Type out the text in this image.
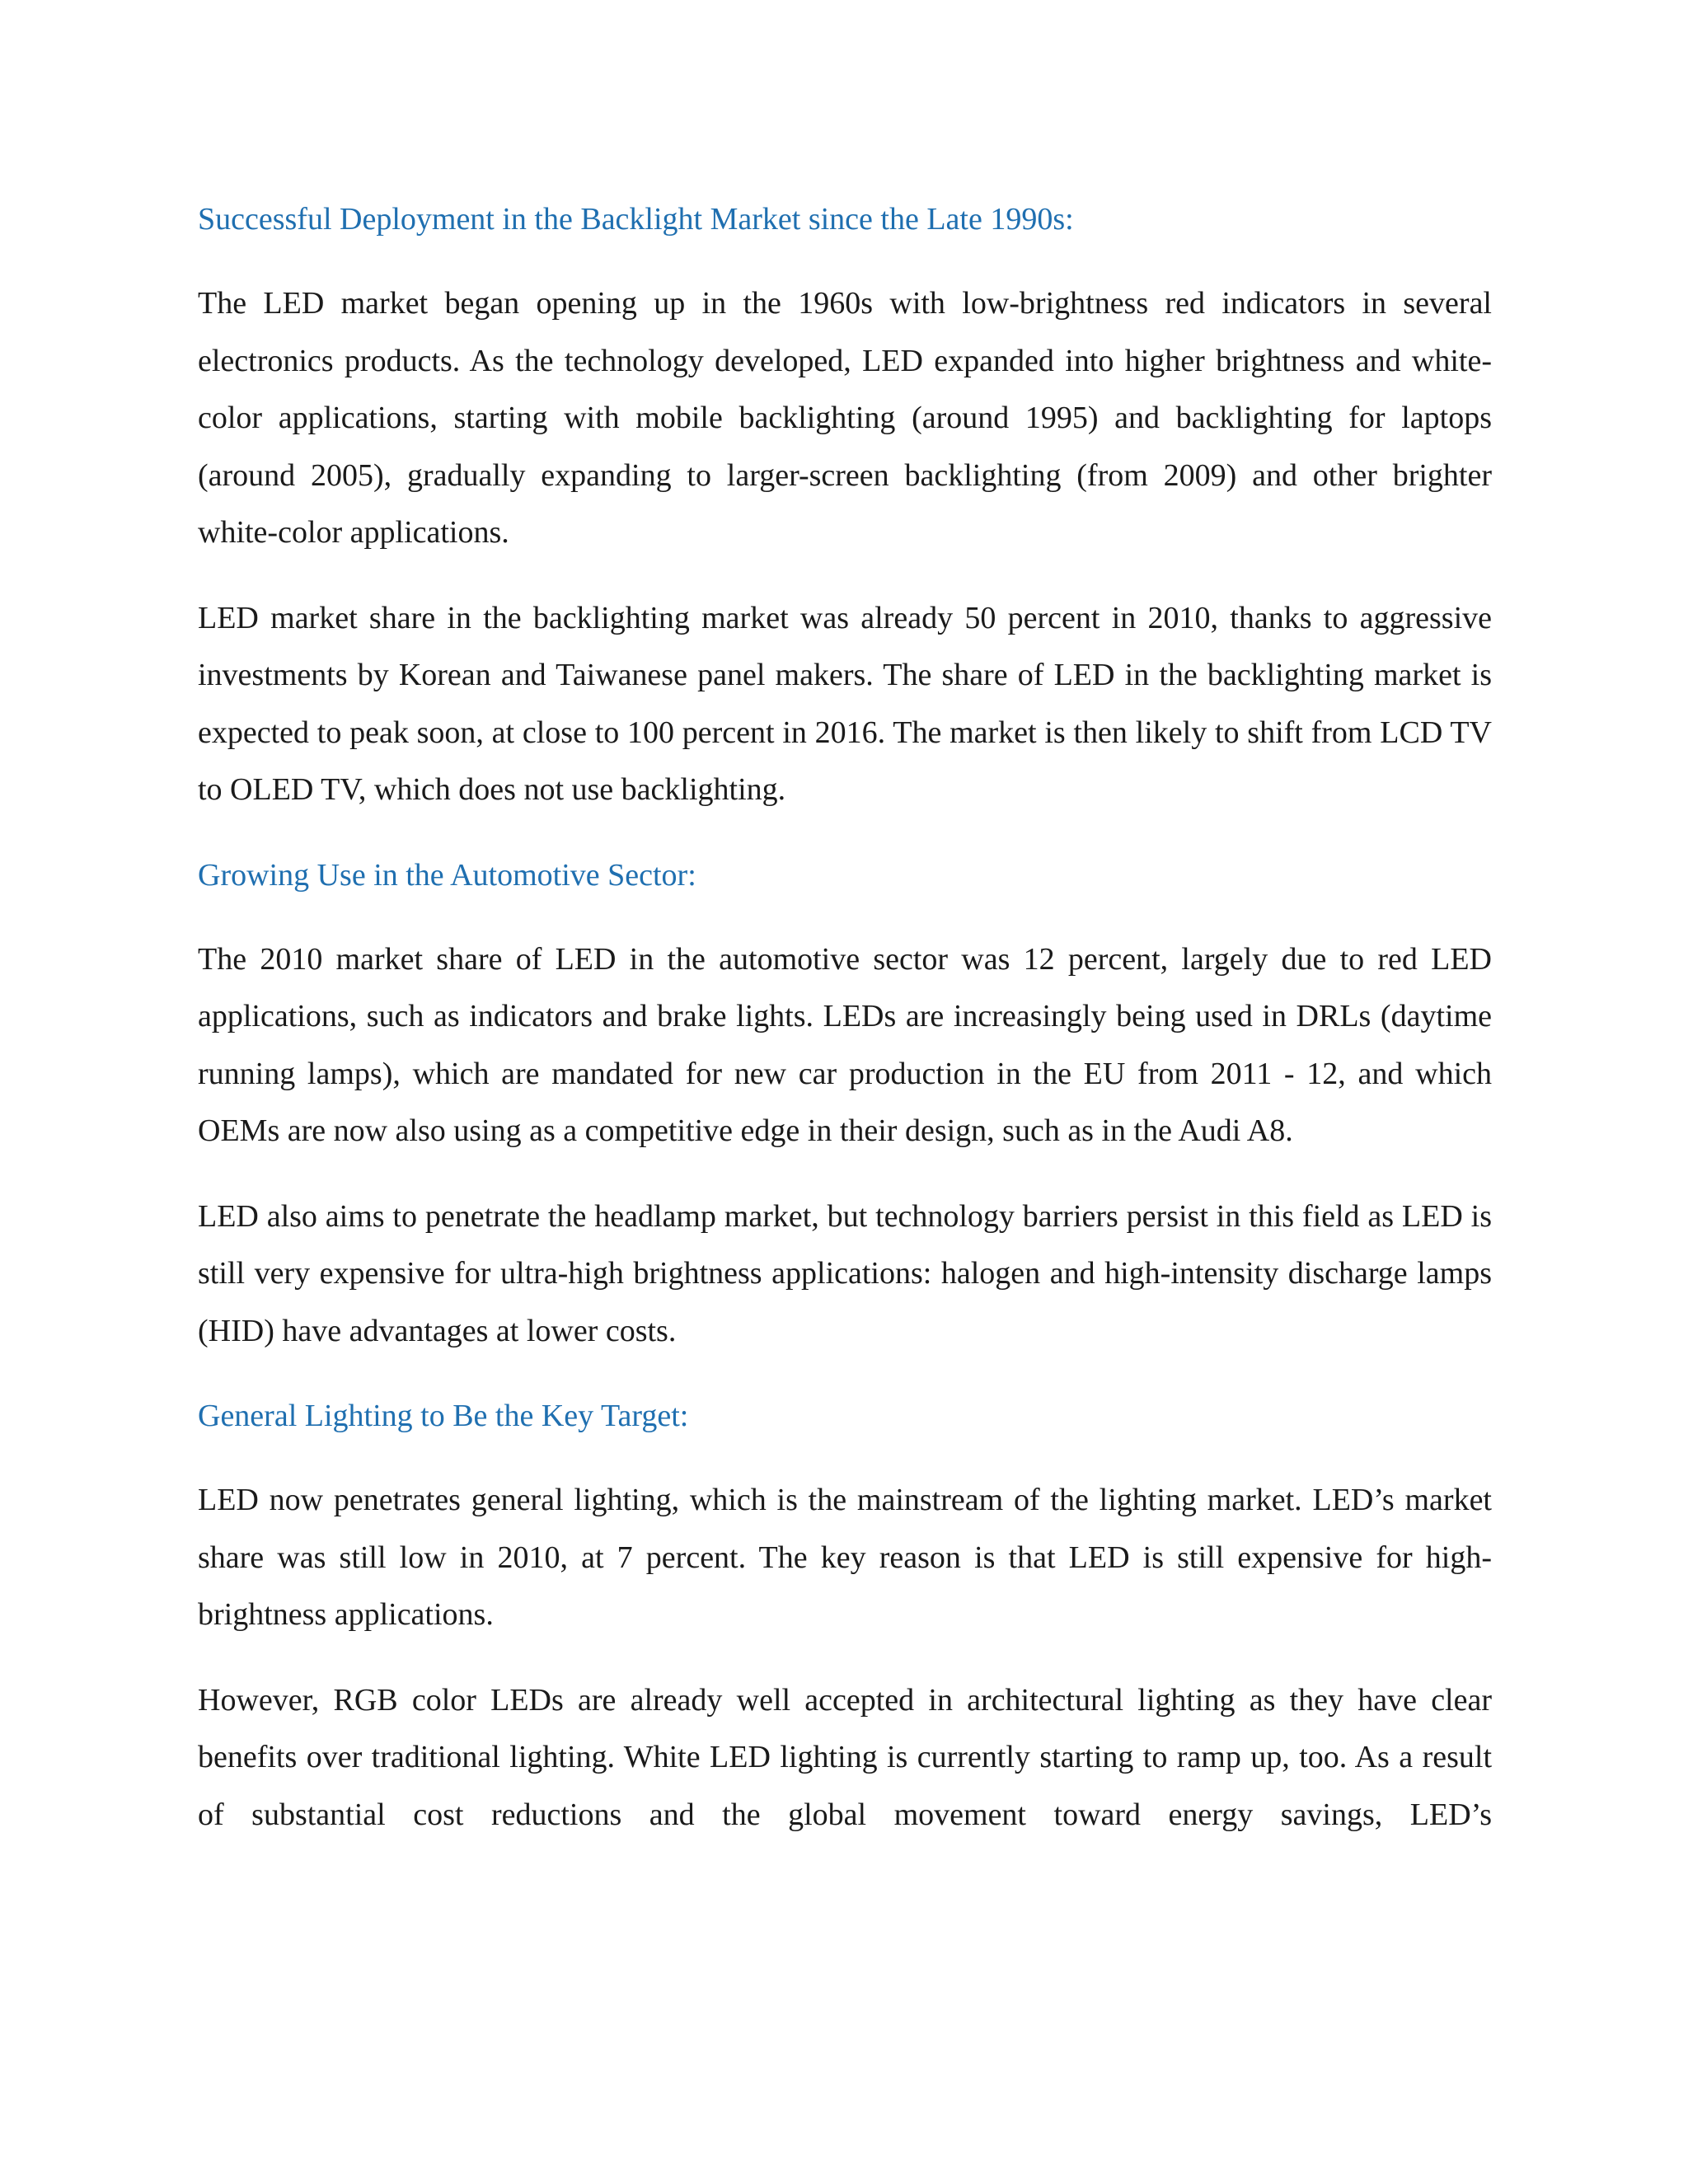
Successful Deployment in the Backlight Market since the Late 1990s:

The LED market began opening up in the 1960s with low-brightness red indicators in several electronics products. As the technology developed, LED expanded into higher brightness and white-color applications, starting with mobile backlighting (around 1995) and backlighting for laptops (around 2005), gradually expanding to larger-screen backlighting (from 2009) and other brighter white-color applications.

LED market share in the backlighting market was already 50 percent in 2010, thanks to aggressive investments by Korean and Taiwanese panel makers. The share of LED in the backlighting market is expected to peak soon, at close to 100 percent in 2016. The market is then likely to shift from LCD TV to OLED TV, which does not use backlighting.

Growing Use in the Automotive Sector:

The 2010 market share of LED in the automotive sector was 12 percent, largely due to red LED applications, such as indicators and brake lights. LEDs are increasingly being used in DRLs (daytime running lamps), which are mandated for new car production in the EU from 2011 - 12, and which OEMs are now also using as a competitive edge in their design, such as in the Audi A8.

LED also aims to penetrate the headlamp market, but technology barriers persist in this field as LED is still very expensive for ultra-high brightness applications: halogen and high-intensity discharge lamps (HID) have advantages at lower costs.

General Lighting to Be the Key Target:

LED now penetrates general lighting, which is the mainstream of the lighting market. LED’s market share was still low in 2010, at 7 percent. The key reason is that LED is still expensive for high-brightness applications.

However, RGB color LEDs are already well accepted in architectural lighting as they have clear benefits over traditional lighting. White LED lighting is currently starting to ramp up, too. As a result of substantial cost reductions and the global movement toward energy savings, LED’s
